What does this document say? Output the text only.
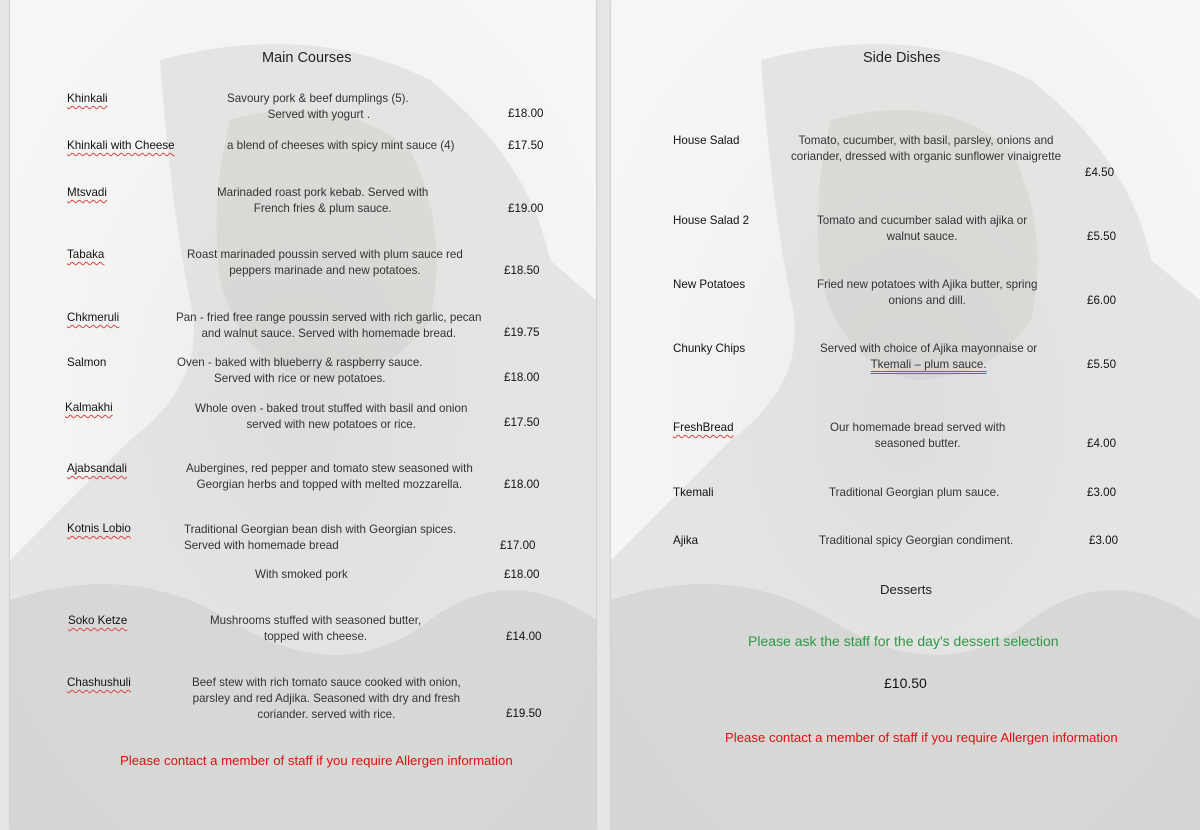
Main Courses
Khinkali	Savoury pork & beef dumplings (5).
Served with yogurt .	£18.00
Khinkali with Cheese	a blend of cheeses with spicy mint sauce (4)	£17.50
Mtsvadi	Marinaded roast pork kebab. Served with
French fries & plum sauce.	£19.00
Tabaka	Roast marinaded poussin served with plum sauce red
peppers marinade and new potatoes.	£18.50
Chkmeruli	Pan - fried free range poussin served with rich garlic, pecan
and walnut sauce. Served with homemade bread.	£19.75
Salmon	Oven - baked with blueberry & raspberry sauce.
Served with rice or new potatoes.	£18.00
Kalmakhi	Whole oven - baked trout stuffed with basil and onion
served with new potatoes or rice.	£17.50
Ajabsandali	Aubergines, red pepper and tomato stew seasoned with
Georgian herbs and topped with melted mozzarella.	£18.00
Kotnis Lobio	Traditional Georgian bean dish with Georgian spices.
Served with homemade bread	£17.00
With smoked pork	£18.00
Soko Ketze	Mushrooms stuffed with seasoned butter,
topped with cheese.	£14.00
Chashushuli	Beef stew with rich tomato sauce cooked with onion,
parsley and red Adjika. Seasoned with dry and fresh
coriander. served with rice.	£19.50
Please contact a member of staff if you require Allergen information
Side Dishes
House Salad	Tomato, cucumber, with basil, parsley, onions and
coriander, dressed with organic sunflower vinaigrette
£4.50
House Salad 2	Tomato and cucumber salad with ajika or
walnut sauce.	£5.50
New Potatoes	Fried new potatoes with Ajika butter, spring
onions and dill.	£6.00
Chunky Chips	Served with choice of Ajika mayonnaise or
Tkemali – plum sauce.	£5.50
FreshBread	Our homemade bread served with
seasoned butter.	£4.00
Tkemali	Traditional Georgian plum sauce.	£3.00
Ajika	Traditional spicy Georgian condiment.	£3.00
Desserts
Please ask the staff for the day's dessert selection
£10.50
Please contact a member of staff if you require Allergen information
